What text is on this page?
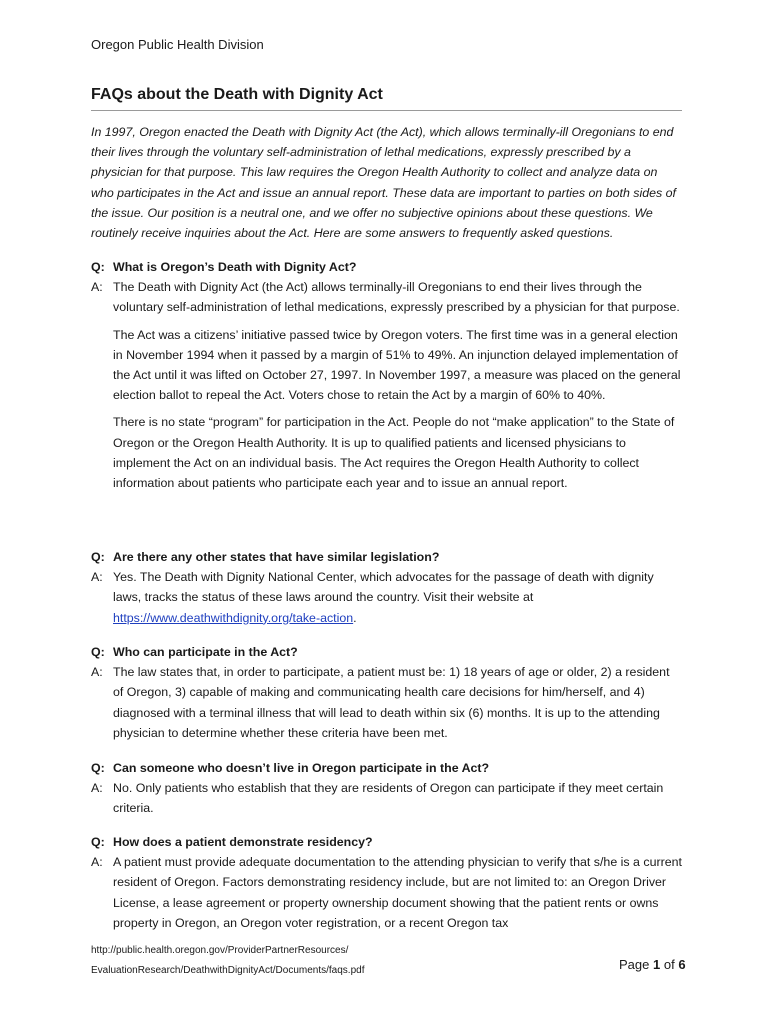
Oregon Public Health Division
FAQs about the Death with Dignity Act

In 1997, Oregon enacted the Death with Dignity Act (the Act), which allows terminally-ill Oregonians to end their lives through the voluntary self-administration of lethal medications, expressly prescribed by a physician for that purpose. This law requires the Oregon Health Authority to collect and analyze data on who participates in the Act and issue an annual report. These data are important to parties on both sides of the issue. Our position is a neutral one, and we offer no subjective opinions about these questions. We routinely receive inquiries about the Act. Here are some answers to frequently asked questions.

Q: What is Oregon’s Death with Dignity Act?
A: The Death with Dignity Act (the Act) allows terminally-ill Oregonians to end their lives through the voluntary self-administration of lethal medications, expressly prescribed by a physician for that purpose.

The Act was a citizens’ initiative passed twice by Oregon voters. The first time was in a general election in November 1994 when it passed by a margin of 51% to 49%. An injunction delayed implementation of the Act until it was lifted on October 27, 1997. In November 1997, a measure was placed on the general election ballot to repeal the Act. Voters chose to retain the Act by a margin of 60% to 40%.

There is no state “program” for participation in the Act. People do not “make application” to the State of Oregon or the Oregon Health Authority. It is up to qualified patients and licensed physicians to implement the Act on an individual basis. The Act requires the Oregon Health Authority to collect information about patients who participate each year and to issue an annual report.

Q: Are there any other states that have similar legislation?
A: Yes. The Death with Dignity National Center, which advocates for the passage of death with dignity laws, tracks the status of these laws around the country. Visit their website at https://www.deathwithdignity.org/take-action.

Q: Who can participate in the Act?
A: The law states that, in order to participate, a patient must be: 1) 18 years of age or older, 2) a resident of Oregon, 3) capable of making and communicating health care decisions for him/herself, and 4) diagnosed with a terminal illness that will lead to death within six (6) months. It is up to the attending physician to determine whether these criteria have been met.

Q: Can someone who doesn’t live in Oregon participate in the Act?
A: No. Only patients who establish that they are residents of Oregon can participate if they meet certain criteria.

Q: How does a patient demonstrate residency?
A: A patient must provide adequate documentation to the attending physician to verify that s/he is a current resident of Oregon. Factors demonstrating residency include, but are not limited to: an Oregon Driver License, a lease agreement or property ownership document showing that the patient rents or owns property in Oregon, an Oregon voter registration, or a recent Oregon tax

http://public.health.oregon.gov/ProviderPartnerResources/
EvaluationResearch/DeathwithDignityAct/Documents/faqs.pdf	Page 1 of 6
